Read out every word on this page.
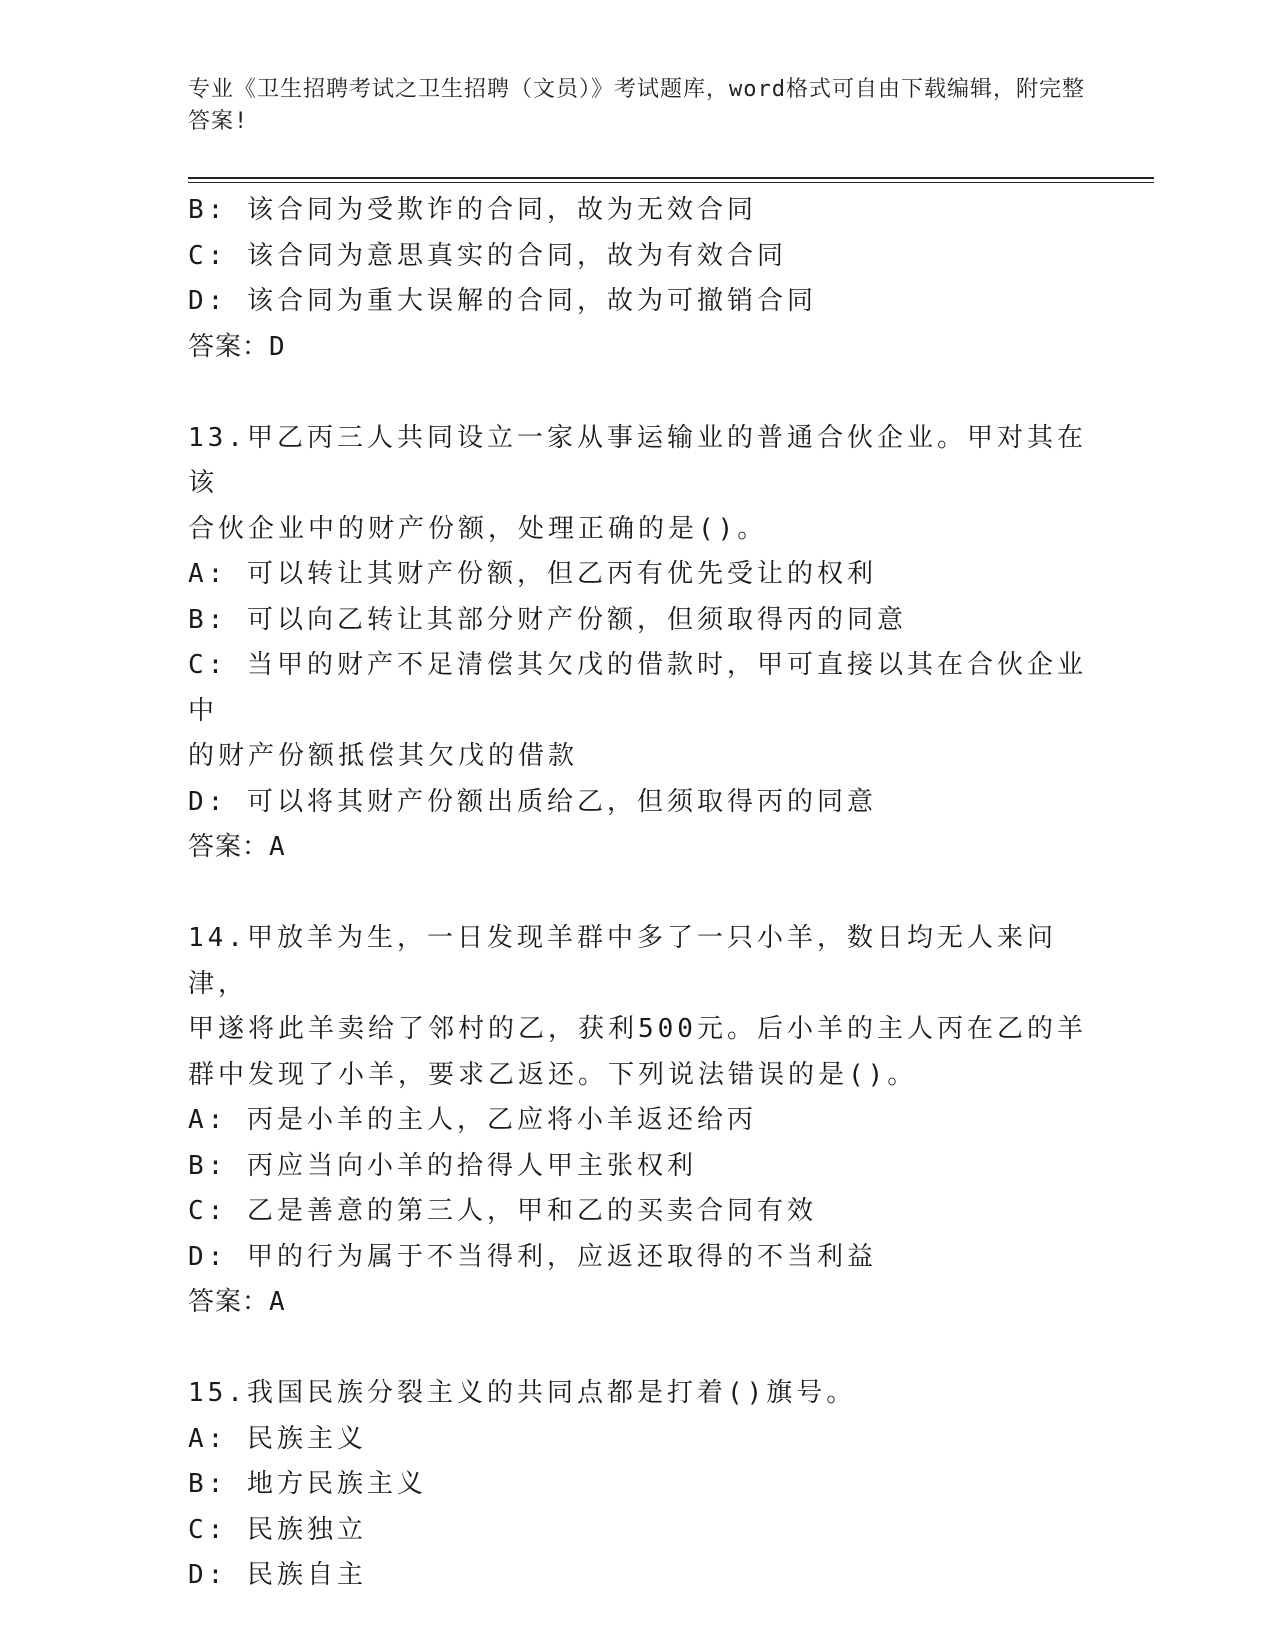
专业《卫生招聘考试之卫生招聘（文员）》考试题库，word格式可自由下载编辑，附完整答案!
B: 该合同为受欺诈的合同，故为无效合同
C: 该合同为意思真实的合同，故为有效合同
D: 该合同为重大误解的合同，故为可撤销合同
答案：D
13.甲乙丙三人共同设立一家从事运输业的普通合伙企业。甲对其在该
合伙企业中的财产份额，处理正确的是()。
A: 可以转让其财产份额，但乙丙有优先受让的权利
B: 可以向乙转让其部分财产份额，但须取得丙的同意
C: 当甲的财产不足清偿其欠戊的借款时，甲可直接以其在合伙企业中
的财产份额抵偿其欠戊的借款
D: 可以将其财产份额出质给乙，但须取得丙的同意
答案：A
14.甲放羊为生，一日发现羊群中多了一只小羊，数日均无人来问津，
甲遂将此羊卖给了邻村的乙，获利500元。后小羊的主人丙在乙的羊
群中发现了小羊，要求乙返还。下列说法错误的是()。
A: 丙是小羊的主人，乙应将小羊返还给丙
B: 丙应当向小羊的拾得人甲主张权利
C: 乙是善意的第三人，甲和乙的买卖合同有效
D: 甲的行为属于不当得利，应返还取得的不当利益
答案：A
15.我国民族分裂主义的共同点都是打着()旗号。
A: 民族主义
B: 地方民族主义
C: 民族独立
D: 民族自主
